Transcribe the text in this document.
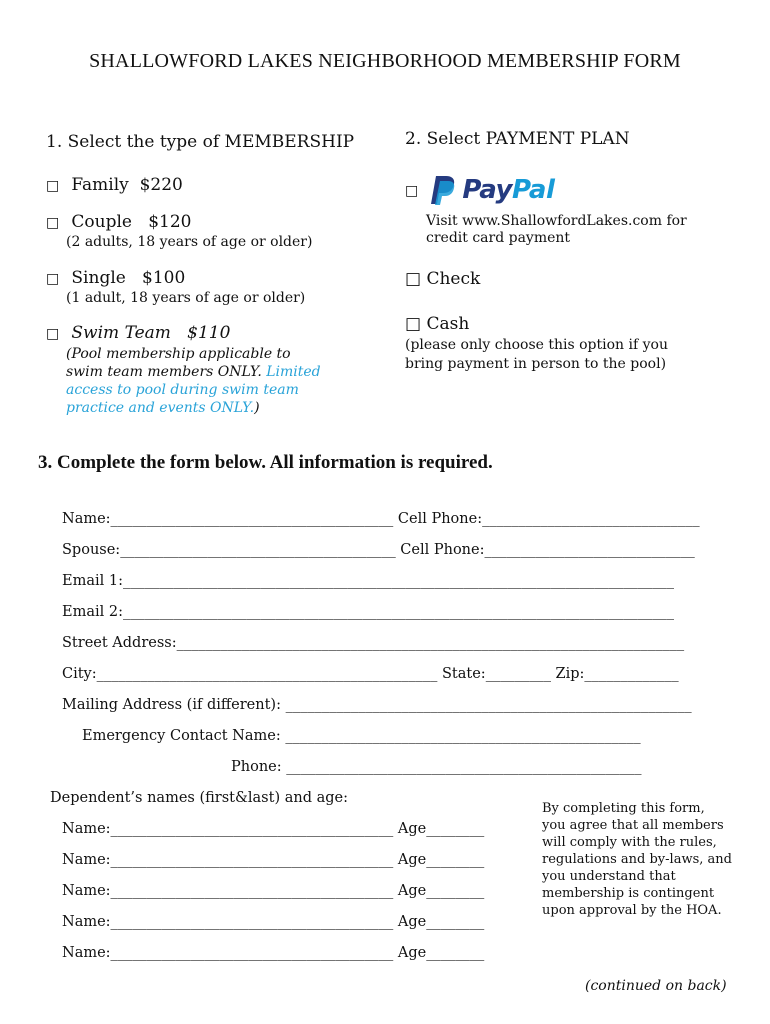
SHALLOWFORD LAKES NEIGHBORHOOD MEMBERSHIP FORM
1. Select the type of MEMBERSHIP
□ Family $220
□ Couple $120
(2 adults, 18 years of age or older)
□ Single $100
(1 adult, 18 years of age or older)
□ Swim Team $110
(Pool membership applicable to
swim team members ONLY. Limited
access to pool during swim team
practice and events ONLY.)
2. Select PAYMENT PLAN
□ PayPal
Visit www.ShallowfordLakes.com for
credit card payment
□ Check
□ Cash
(please only choose this option if you
bring payment in person to the pool)
3. Complete the form below. All information is required.
Name:_______________________________________ Cell Phone:______________________________
Spouse:______________________________________ Cell Phone:_____________________________
Email 1:____________________________________________________________________________
Email 2:____________________________________________________________________________
Street Address:______________________________________________________________________
City:_______________________________________________ State:_________ Zip:_____________
Mailing Address (if different): ________________________________________________________
Emergency Contact Name: _________________________________________________
Phone: _________________________________________________
Dependent’s names (first&last) and age:
Name:_______________________________________ Age________
Name:_______________________________________ Age________
Name:_______________________________________ Age________
Name:_______________________________________ Age________
Name:_______________________________________ Age________
By completing this form, you agree that all members will comply with the rules, regulations and by-laws, and you understand that membership is contingent upon approval by the HOA.
(continued on back)
